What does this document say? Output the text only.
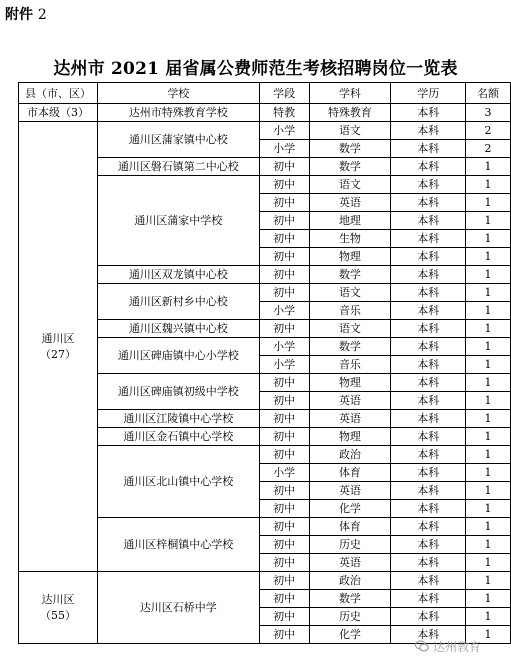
附件 2
达州市 2021 届省属公费师范生考核招聘岗位一览表
县（市、区）	学校	学段	学科	学历	名额
市本级（3）	达州市特殊教育学校	特教	特殊教育	本科	3
通川区
（27）	通川区蒲家镇中心校	小学	语文	本科	2
		小学	数学	本科	2
	通川区磐石镇第二中心校	初中	数学	本科	1
	通川区蒲家中学校	初中	语文	本科	1
		初中	英语	本科	1
		初中	地理	本科	1
		初中	生物	本科	1
		初中	物理	本科	1
	通川区双龙镇中心校	初中	数学	本科	1
	通川区新村乡中心校	初中	语文	本科	1
		小学	音乐	本科	1
	通川区魏兴镇中心校	初中	语文	本科	1
	通川区碑庙镇中心小学校	小学	数学	本科	1
		小学	音乐	本科	1
	通川区碑庙镇初级中学校	初中	物理	本科	1
		初中	英语	本科	1
	通川区江陵镇中心学校	初中	英语	本科	1
	通川区金石镇中心学校	初中	物理	本科	1
	通川区北山镇中心学校	初中	政治	本科	1
		小学	体育	本科	1
		初中	英语	本科	1
		初中	化学	本科	1
	通川区梓桐镇中心学校	初中	体育	本科	1
		初中	历史	本科	1
		初中	英语	本科	1
达川区
（55）	达川区石桥中学	初中	政治	本科	1
		初中	数学	本科	1
		初中	历史	本科	1
		初中	化学	本科	1
达州教育
